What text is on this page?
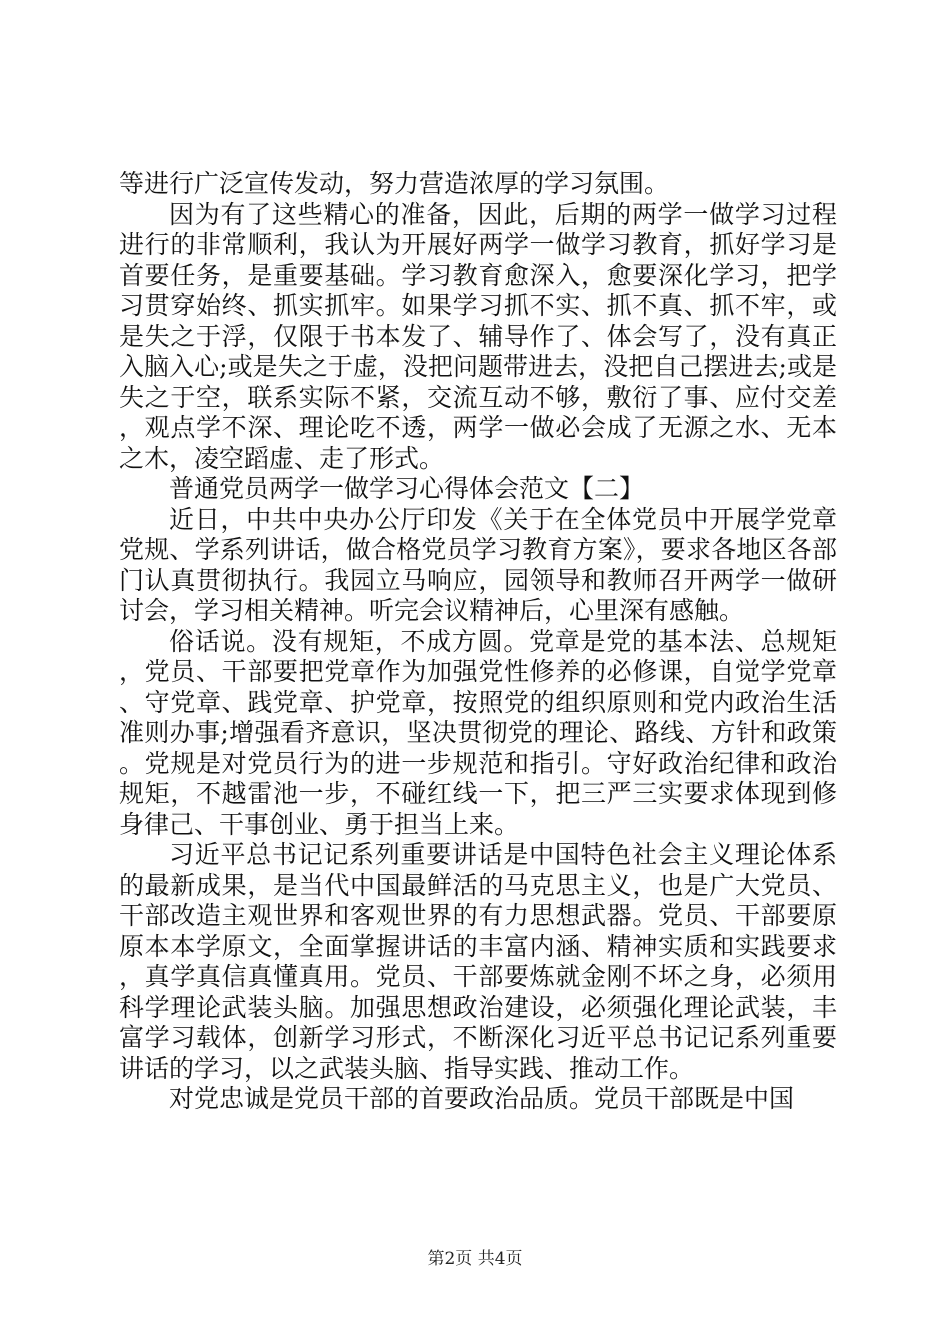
等进行广泛宣传发动，努力营造浓厚的学习氛围。

因为有了这些精心的准备，因此，后期的两学一做学习过程进行的非常顺利，我认为开展好两学一做学习教育，抓好学习是首要任务，是重要基础。学习教育愈深入，愈要深化学习，把学习贯穿始终、抓实抓牢。如果学习抓不实、抓不真、抓不牢，或是失之于浮，仅限于书本发了、辅导作了、体会写了，没有真正入脑入心;或是失之于虚，没把问题带进去，没把自己摆进去;或是失之于空，联系实际不紧，交流互动不够，敷衍了事、应付交差，观点学不深、理论吃不透，两学一做必会成了无源之水、无本之木，凌空蹈虚、走了形式。

普通党员两学一做学习心得体会范文【二】

近日，中共中央办公厅印发《关于在全体党员中开展学党章党规、学系列讲话，做合格党员学习教育方案》，要求各地区各部门认真贯彻执行。我园立马响应，园领导和教师召开两学一做研讨会，学习相关精神。听完会议精神后，心里深有感触。

俗话说。没有规矩，不成方圆。党章是党的基本法、总规矩，党员、干部要把党章作为加强党性修养的必修课，自觉学党章、守党章、践党章、护党章，按照党的组织原则和党内政治生活准则办事;增强看齐意识，坚决贯彻党的理论、路线、方针和政策。党规是对党员行为的进一步规范和指引。守好政治纪律和政治规矩，不越雷池一步，不碰红线一下，把三严三实要求体现到修身律己、干事创业、勇于担当上来。

习近平总书记记系列重要讲话是中国特色社会主义理论体系的最新成果，是当代中国最鲜活的马克思主义，也是广大党员、干部改造主观世界和客观世界的有力思想武器。党员、干部要原原本本学原文，全面掌握讲话的丰富内涵、精神实质和实践要求，真学真信真懂真用。党员、干部要炼就金刚不坏之身，必须用科学理论武装头脑。加强思想政治建设，必须强化理论武装，丰富学习载体，创新学习形式，不断深化习近平总书记记系列重要讲话的学习，以之武装头脑、指导实践、推动工作。

对党忠诚是党员干部的首要政治品质。党员干部既是中国

第2页 共4页
